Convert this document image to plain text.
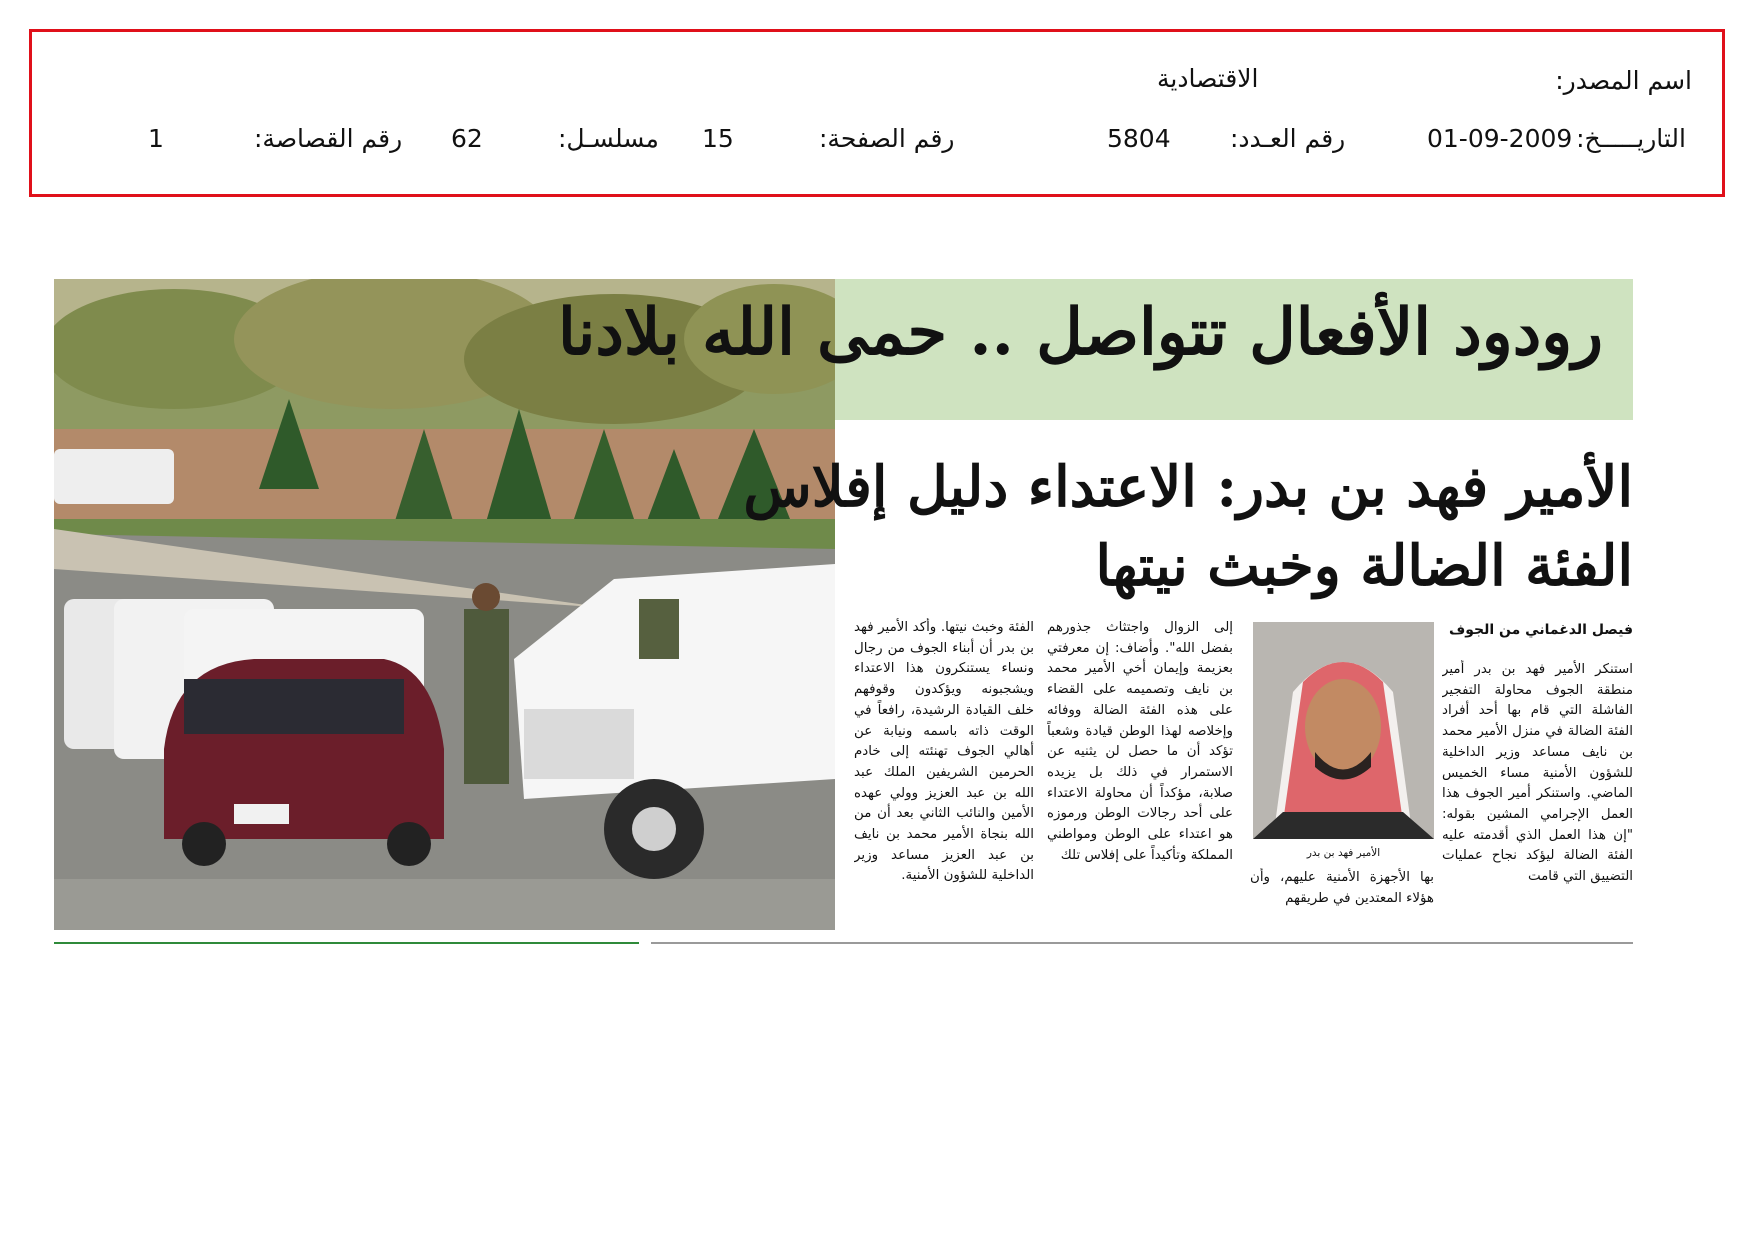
اسم المصدر:
الاقتصادية
التاريـــــخ:
01-09-2009
رقم العـدد:
5804
رقم الصفحة:
15
مسلسـل:
62
رقم القصاصة:
1
رودود الأفعال تتواصل .. حمى الله بلادنا
الأمير فهد بن بدر: الاعتداء دليل إفلاس
الفئة الضالة وخبث نيتها
فيصل الدغماني من الجوف
الأمير فهد بن بدر
استنكر الأمير فهد بن بدر أمير منطقة الجوف محاولة التفجير الفاشلة التي قام بها أحد أفراد الفئة الضالة في منزل الأمير محمد بن نايف مساعد وزير الداخلية للشؤون الأمنية مساء الخميس الماضي. واستنكر أمير الجوف هذا العمل الإجرامي المشين بقوله: "إن هذا العمل الذي أقدمته عليه الفئة الضالة ليؤكد نجاح عمليات التضييق التي قامت
بها الأجهزة الأمنية عليهم، وأن هؤلاء المعتدين في طريقهم
إلى الزوال واجتثاث جذورهم بفضل الله". وأضاف: إن معرفتي بعزيمة وإيمان أخي الأمير محمد بن نايف وتصميمه على القضاء على هذه الفئة الضالة ووفائه وإخلاصه لهذا الوطن قيادة وشعباً تؤكد أن ما حصل لن يثنيه عن الاستمرار في ذلك بل يزيده صلابة، مؤكداً أن محاولة الاعتداء على أحد رجالات الوطن ورموزه هو اعتداء على الوطن ومواطني المملكة وتأكيداً على إفلاس تلك
الفئة وخبث نيتها. وأكد الأمير فهد بن بدر أن أبناء الجوف من رجال ونساء يستنكرون هذا الاعتداء ويشجبونه ويؤكدون وقوفهم خلف القيادة الرشيدة، رافعاً في الوقت ذاته باسمه ونيابة عن أهالي الجوف تهنئته إلى خادم الحرمين الشريفين الملك عبد الله بن عبد العزيز وولي عهده الأمين والنائب الثاني بعد أن من الله بنجاة الأمير محمد بن نايف بن عبد العزيز مساعد وزير الداخلية للشؤون الأمنية.
